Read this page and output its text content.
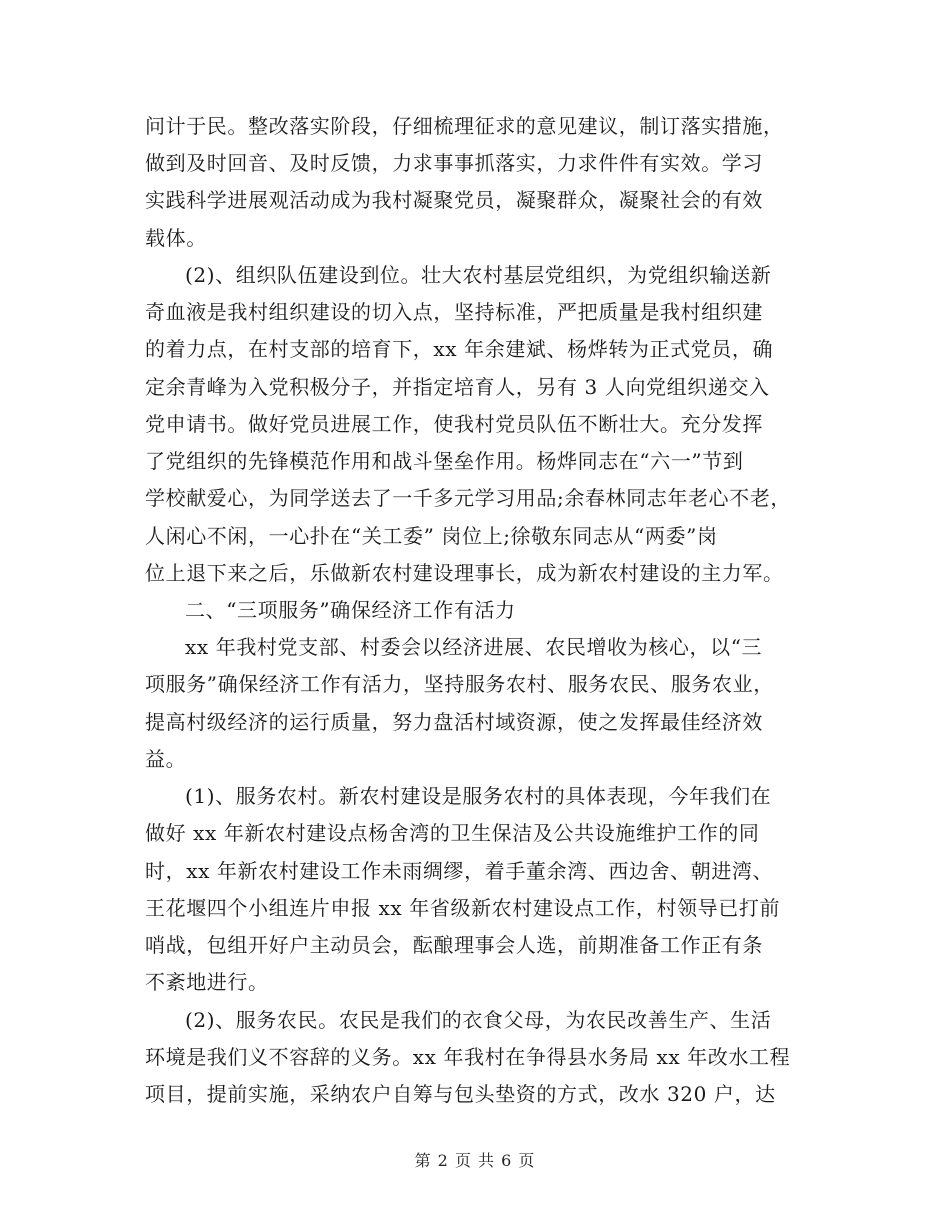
问计于民。整改落实阶段，仔细梳理征求的意见建议，制订落实措施，
做到及时回音、及时反馈，力求事事抓落实，力求件件有实效。学习
实践科学进展观活动成为我村凝聚党员，凝聚群众，凝聚社会的有效
载体。
(2)、组织队伍建设到位。壮大农村基层党组织，为党组织输送新
奇血液是我村组织建设的切入点，坚持标准，严把质量是我村组织建
的着力点，在村支部的培育下，xx 年余建斌、杨烨转为正式党员，确
定余青峰为入党积极分子，并指定培育人，另有 3 人向党组织递交入
党申请书。做好党员进展工作，使我村党员队伍不断壮大。充分发挥
了党组织的先锋模范作用和战斗堡垒作用。杨烨同志在“六一”节到
学校献爱心，为同学送去了一千多元学习用品;余春林同志年老心不老，
人闲心不闲，一心扑在“关工委” 岗位上;徐敬东同志从“两委”岗
位上退下来之后，乐做新农村建设理事长，成为新农村建设的主力军。
二、“三项服务”确保经济工作有活力
xx 年我村党支部、村委会以经济进展、农民增收为核心，以“三
项服务”确保经济工作有活力，坚持服务农村、服务农民、服务农业，
提高村级经济的运行质量，努力盘活村域资源，使之发挥最佳经济效
益。
(1)、服务农村。新农村建设是服务农村的具体表现，今年我们在
做好 xx 年新农村建设点杨舍湾的卫生保洁及公共设施维护工作的同
时，xx 年新农村建设工作未雨绸缪，着手董余湾、西边舍、朝进湾、
王花堰四个小组连片申报 xx 年省级新农村建设点工作，村领导已打前
哨战，包组开好户主动员会，酝酿理事会人选，前期准备工作正有条
不紊地进行。
(2)、服务农民。农民是我们的衣食父母，为农民改善生产、生活
环境是我们义不容辞的义务。xx 年我村在争得县水务局 xx 年改水工程
项目，提前实施，采纳农户自筹与包头垫资的方式，改水 320 户，达
第 2 页 共 6 页
